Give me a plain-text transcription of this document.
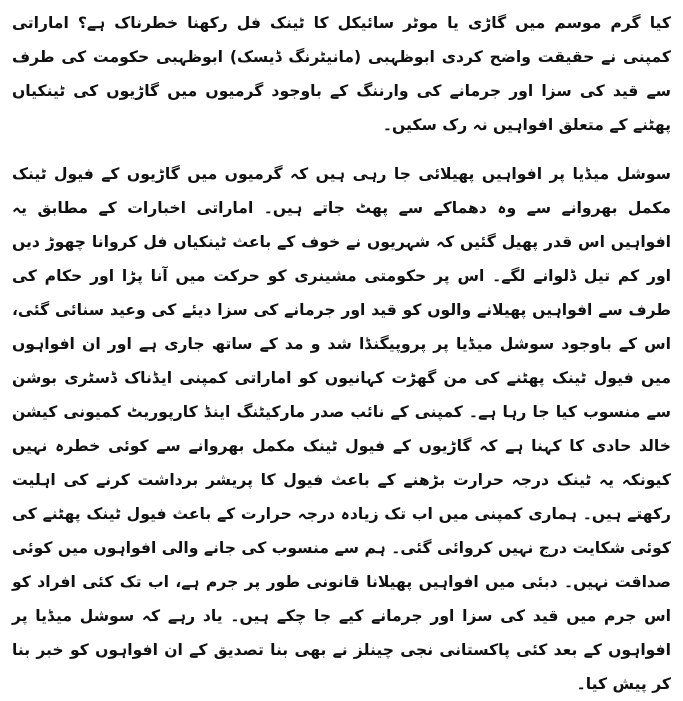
کیا گرم موسم میں گاڑی یا موٹر سائیکل کا ٹینک فل رکھنا خطرناک ہے؟ اماراتی کمپنی نے حقیقت واضح کردی ابوظہبی (مانیٹرنگ ڈیسک) ابوظہبی حکومت کی طرف سے قید کی سزا اور جرمانے کی وارننگ کے باوجود گرمیوں میں گاڑیوں کی ٹینکیاں پھٹنے کے متعلق افواہیں نہ رک سکیں۔

سوشل میڈیا پر افواہیں پھیلائی جا رہی ہیں کہ گرمیوں میں گاڑیوں کے فیول ٹینک مکمل بھروانے سے وہ دھماکے سے پھٹ جاتے ہیں۔ اماراتی اخبارات کے مطابق یہ افواہیں اس قدر پھیل گئیں کہ شہریوں نے خوف کے باعث ٹینکیاں فل کروانا چھوڑ دیں اور کم تیل ڈلوانے لگے۔ اس پر حکومتی مشینری کو حرکت میں آنا پڑا اور حکام کی طرف سے افواہیں پھیلانے والوں کو قید اور جرمانے کی سزا دیئے کی وعید سنائی گئی، اس کے باوجود سوشل میڈیا پر پروپیگنڈا شد و مد کے ساتھ جاری ہے اور ان افواہوں میں فیول ٹینک پھٹنے کی من گھڑت کہانیوں کو اماراتی کمپنی ایڈناک ڈسٹری بوشن سے منسوب کیا جا رہا ہے۔ کمپنی کے نائب صدر مارکیٹنگ اینڈ کارپوریٹ کمیونی کیشن خالد حادی کا کہنا ہے کہ گاڑیوں کے فیول ٹینک مکمل بھروانے سے کوئی خطرہ نہیں کیونکہ یہ ٹینک درجہ حرارت بڑھنے کے باعث فیول کا پریشر برداشت کرنے کی اہلیت رکھتے ہیں۔ ہماری کمپنی میں اب تک زیادہ درجہ حرارت کے باعث فیول ٹینک پھٹنے کی کوئی شکایت درج نہیں کروائی گئی۔ ہم سے منسوب کی جانے والی افواہوں میں کوئی صداقت نہیں۔ دبئی میں افواہیں پھیلانا قانونی طور پر جرم ہے، اب تک کئی افراد کو اس جرم میں قید کی سزا اور جرمانے کیے جا چکے ہیں۔ یاد رہے کہ سوشل میڈیا پر افواہوں کے بعد کئی پاکستانی نجی چینلز نے بھی بنا تصدیق کے ان افواہوں کو خبر بنا کر پیش کیا۔
